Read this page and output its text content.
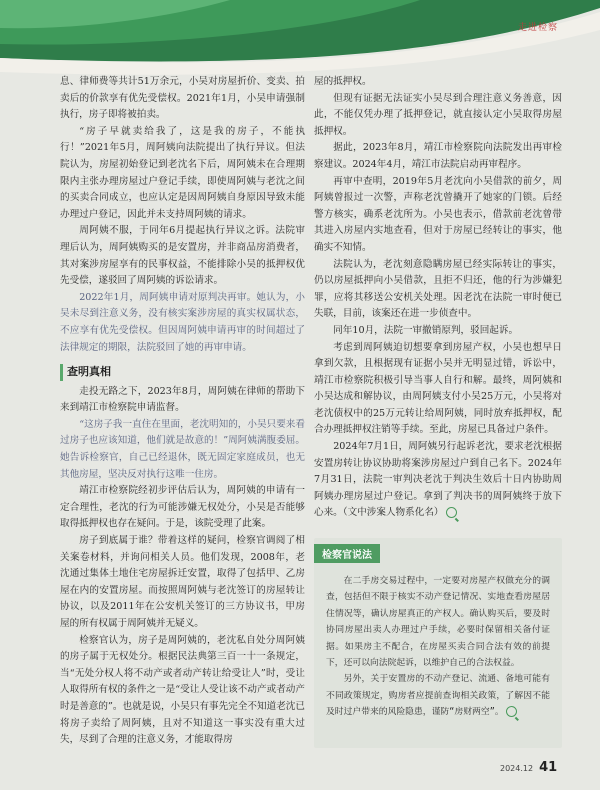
走进检察

息、律师费等共计51万余元，小吴对房屋折价、变卖、拍卖后的价款享有优先受偿权。2021年1月，小吴申请强制执行，房子即将被拍卖。

“房子早就卖给我了，这是我的房子，不能执行！”2021年5月，周阿姨向法院提出了执行异议。但法院认为，房屋初始登记到老沈名下后，周阿姨未在合理期限内主张办理房屋过户登记手续，即使周阿姨与老沈之间的买卖合同成立，也应认定是因周阿姨自身原因导致未能办理过户登记，因此并未支持周阿姨的请求。

周阿姨不服，于同年6月提起执行异议之诉。法院审理后认为，周阿姨购买的是安置房，并非商品房消费者，其对案涉房屋享有的民事权益，不能排除小吴的抵押权优先受偿，遂驳回了周阿姨的诉讼请求。

2022年1月，周阿姨申请对原判决再审。她认为，小吴未尽到注意义务，没有核实案涉房屋的真实权属状态，不应享有优先受偿权。但因周阿姨申请再审的时间超过了法律规定的期限，法院驳回了她的再审申请。

查明真相

走投无路之下，2023年8月，周阿姨在律师的帮助下来到靖江市检察院申请监督。

“这房子我一直住在里面，老沈明知的，小吴只要来看过房子也应该知道，他们就是故意的！”周阿姨满腹委屈。她告诉检察官，自己已经退休，既无固定家庭成员，也无其他房屋，坚决反对执行这唯一住房。

靖江市检察院经初步评估后认为，周阿姨的申请有一定合理性，老沈的行为可能涉嫌无权处分，小吴是否能够取得抵押权也存在疑问。于是，该院受理了此案。

房子到底属于谁？带着这样的疑问，检察官调阅了相关案卷材料，并询问相关人员。他们发现，2008年，老沈通过集体土地住宅房屋拆迁安置，取得了包括甲、乙房屋在内的安置房屋。而按照周阿姨与老沈签订的房屋转让协议，以及2011年在公安机关签订的三方协议书，甲房屋的所有权属于周阿姨并无疑义。

检察官认为，房子是周阿姨的，老沈私自处分周阿姨的房子属于无权处分。根据民法典第三百一十一条规定，当“无处分权人将不动产或者动产转让给受让人”时，受让人取得所有权的条件之一是“受让人受让该不动产或者动产时是善意的”。也就是说，小吴只有事先完全不知道老沈已将房子卖给了周阿姨，且对不知道这一事实没有重大过失，尽到了合理的注意义务，才能取得房

屋的抵押权。

但现有证据无法证实小吴尽到合理注意义务善意，因此，不能仅凭办理了抵押登记，就直接认定小吴取得房屋抵押权。

据此，2023年8月，靖江市检察院向法院发出再审检察建议。2024年4月，靖江市法院启动再审程序。

再审中查明，2019年5月老沈向小吴借款的前夕，周阿姨曾报过一次警，声称老沈曾撬开了她家的门锁。后经警方核实，确系老沈所为。小吴也表示，借款前老沈曾带其进入房屋内实地查看，但对于房屋已经转让的事实，他确实不知情。

法院认为，老沈刻意隐瞒房屋已经实际转让的事实，仍以房屋抵押向小吴借款，且拒不归还，他的行为涉嫌犯罪，应将其移送公安机关处理。因老沈在法院一审时便已失联，目前，该案还在进一步侦查中。

同年10月，法院一审撤销原判，驳回起诉。

考虑到周阿姨迫切想要拿到房屋产权，小吴也想早日拿到欠款，且根据现有证据小吴并无明显过错，诉讼中，靖江市检察院积极引导当事人自行和解。最终，周阿姨和小吴达成和解协议，由周阿姨支付小吴25万元，小吴将对老沈债权中的25万元转让给周阿姨，同时放弃抵押权，配合办理抵押权注销等手续。至此，房屋已具备过户条件。

2024年7月1日，周阿姨另行起诉老沈，要求老沈根据安置房转让协议协助将案涉房屋过户到自己名下。2024年7月31日，法院一审判决老沈于判决生效后十日内协助周阿姨办理房屋过户登记。拿到了判决书的周阿姨终于放下心来。（文中涉案人物系化名）

检察官说法

在二手房交易过程中，一定要对房屋产权做充分的调查，包括但不限于核实不动产登记情况、实地查看房屋居住情况等，确认房屋真正的产权人。确认购买后，要及时协同房屋出卖人办理过户手续，必要时保留相关备付证据。如果房主不配合，在房屋买卖合同合法有效的前提下，还可以向法院起诉，以维护自己的合法权益。

另外，关于安置房的不动产登记、流通、备地可能有不同政策规定，购房者应提前查询相关政策，了解因不能及时过户带来的风险隐患，谨防“房财两空”。

2024.12 41
